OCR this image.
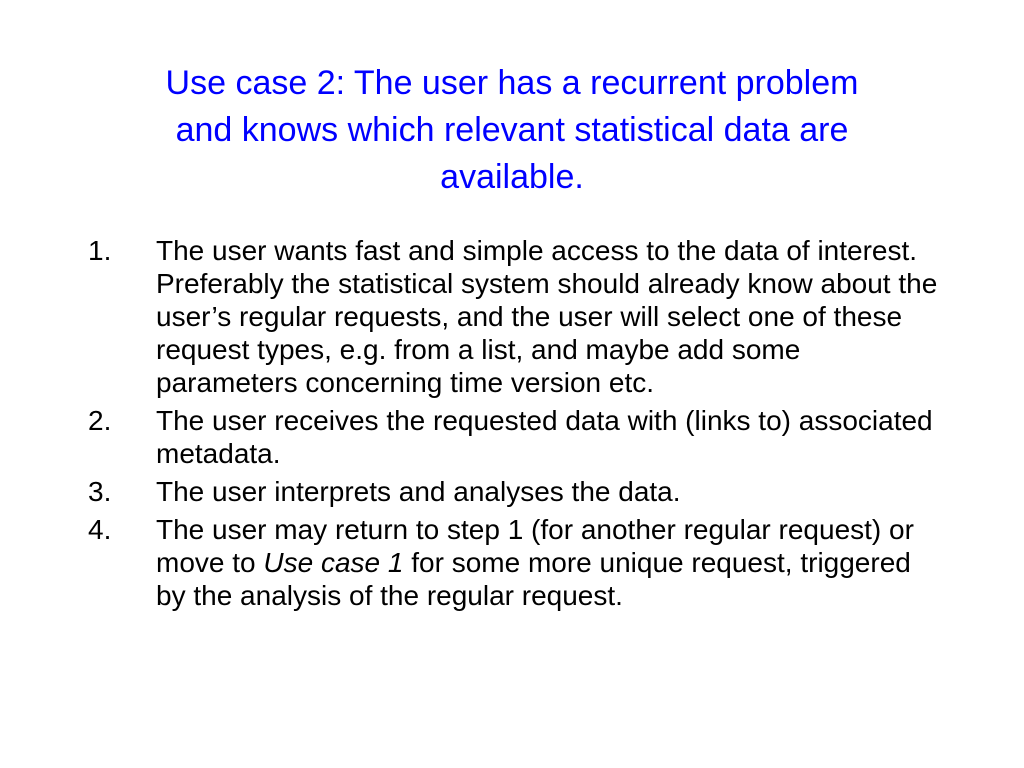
Use case 2: The user has a recurrent problem
and knows which relevant statistical data are
available.
1. The user wants fast and simple access to the data of interest. Preferably the statistical system should already know about the user’s regular requests, and the user will select one of these request types, e.g. from a list, and maybe add some parameters concerning time version etc.
2. The user receives the requested data with (links to) associated metadata.
3. The user interprets and analyses the data.
4. The user may return to step 1 (for another regular request) or move to Use case 1 for some more unique request, triggered by the analysis of the regular request.
